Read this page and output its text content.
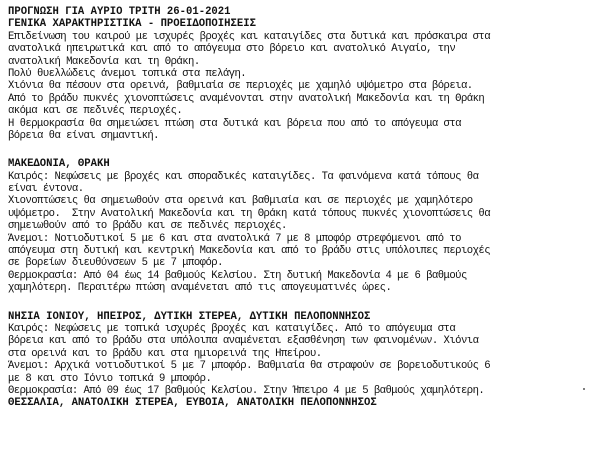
ΠΡΟΓΝΩΣΗ ΓΙΑ ΑΥΡΙΟ ΤΡΙΤΗ 26-01-2021
ΓΕΝΙΚΑ ΧΑΡΑΚΤΗΡΙΣΤΙΚΑ - ΠΡΟΕΙΔΟΠΟΙΗΣΕΙΣ
Επιδείνωση του καιρού με ισχυρές βροχές και καταιγίδες στα δυτικά και πρόσκαιρα στα
ανατολικά ηπειρωτικά και από το απόγευμα στο βόρειο και ανατολικό Αιγαίο, την
ανατολική Μακεδονία και τη Θράκη.
Πολύ θυελλώδεις άνεμοι τοπικά στα πελάγη.
Χιόνια θα πέσουν στα ορεινά, βαθμιαία σε περιοχές με χαμηλό υψόμετρο στα βόρεια.
Από το βράδυ πυκνές χιονοπτώσεις αναμένονται στην ανατολική Μακεδονία και τη Θράκη
ακόμα και σε πεδινές περιοχές.
Η θερμοκρασία θα σημειώσει πτώση στα δυτικά και βόρεια που από το απόγευμα στα
βόρεια θα είναι σημαντική.
ΜΑΚΕΔΟΝΙΑ, ΘΡΑΚΗ
Καιρός: Νεφώσεις με βροχές και σποραδικές καταιγίδες. Τα φαινόμενα κατά τόπους θα
είναι έντονα.
Χιονοπτώσεις θα σημειωθούν στα ορεινά και βαθμιαία και σε περιοχές με χαμηλότερο
υψόμετρο.  Στην Ανατολική Μακεδονία και τη Θράκη κατά τόπους πυκνές χιονοπτώσεις θα
σημειωθούν από το βράδυ και σε πεδινές περιοχές.
Άνεμοι: Νοτιοδυτικοί 5 με 6 και στα ανατολικά 7 με 8 μποφόρ στρεφόμενοι από το
απόγευμα στη δυτική και κεντρική Μακεδονία και από το βράδυ στις υπόλοιπες περιοχές
σε βορείων διευθύνσεων 5 με 7 μποφόρ.
Θερμοκρασία: Από 04 έως 14 βαθμούς Κελσίου. Στη δυτική Μακεδονία 4 με 6 βαθμούς
χαμηλότερη. Περαιτέρω πτώση αναμένεται από τις απογευματινές ώρες.
ΝΗΣΙΑ ΙΟΝΙΟΥ, ΗΠΕΙΡΟΣ, ΔΥΤΙΚΗ ΣΤΕΡΕΑ, ΔΥΤΙΚΗ ΠΕΛΟΠΟΝΝΗΣΟΣ
Καιρός: Νεφώσεις με τοπικά ισχυρές βροχές και καταιγίδες. Από το απόγευμα στα
βόρεια και από το βράδυ στα υπόλοιπα αναμένεται εξασθένηση των φαινομένων. Χιόνια
στα ορεινά και το βράδυ και στα ημιορεινά της Ηπείρου.
Άνεμοι: Αρχικά νοτιοδυτικοί 5 με 7 μποφόρ. Βαθμιαία θα στραφούν σε βορειοδυτικούς 6
με 8 και στο Ιόνιο τοπικά 9 μποφόρ.
Θερμοκρασία: Από 09 έως 17 βαθμούς Κελσίου. Στην Ήπειρο 4 με 5 βαθμούς χαμηλότερη.
ΘΕΣΣΑΛΙΑ, ΑΝΑΤΟΛΙΚΗ ΣΤΕΡΕΑ, ΕΥΒΟΙΑ, ΑΝΑΤΟΛΙΚΗ ΠΕΛΟΠΟΝΝΗΣΟΣ
